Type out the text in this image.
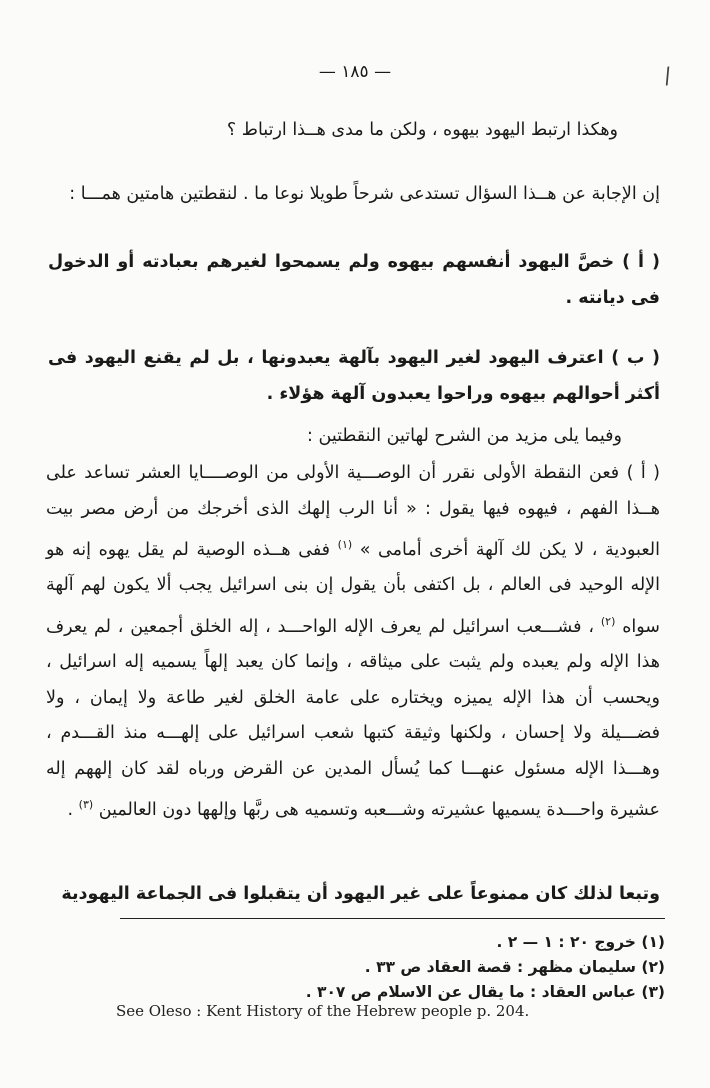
/
— ١٨٥ —
وهكذا ارتبط اليهود بيهوه ، ولكن ما مدى هــذا ارتباط ؟
إن الإجابة عن هــذا السؤال تستدعى شرحاً طويلا نوعا ما . لنقطتين هامتين همـــا :
( أ ) خصَّ اليهود أنفسهم بيهوه ولم يسمحوا لغيرهم بعبادته أو الدخول فى ديانته .
( ب ) اعترف اليهود لغير اليهود بآلهة يعبدونها ، بل لم يقنع اليهود فى أكثر أحوالهم بيهوه وراحوا يعبدون آلهة هؤلاء .
وفيما يلى مزيد من الشرح لهاتين النقطتين :
( أ ) فعن النقطة الأولى نقرر أن الوصـــية الأولى من الوصــــايا العشر تساعد على هــذا الفهم ، فيهوه فيها يقول : « أنا الرب إلهك الذى أخرجك من أرض مصر بيت العبودية ، لا يكن لك آلهة أخرى أمامى » $^{(١)}$ ففى هــذه الوصية لم يقل يهوه إنه هو الإله الوحيد فى العالم ، بل اكتفى بأن يقول إن بنى اسرائيل يجب ألا يكون لهم آلهة سواه $^{(٢)}$ ، فشـــعب اسرائيل لم يعرف الإله الواحـــد ، إله الخلق أجمعين ، لم يعرف هذا الإله ولم يعبده ولم يثبت على ميثاقه ، وإنما كان يعبد إلهاً يسميه إله اسرائيل ، ويحسب أن هذا الإله يميزه ويختاره على عامة الخلق لغير طاعة ولا إيمان ، ولا فضـــيلة ولا إحسان ، ولكنها وثيقة كتبها شعب اسرائيل على إلهـــه منذ القـــدم ، وهـــذا الإله مسئول عنهـــا كما يُسأل المدين عن القرض ورباه لقد كان إلههم إله عشيرة واحـــدة يسميها عشيرته وشـــعبه وتسميه هى ربَّها وإلهها دون العالمين $^{(٣)}$ .
وتبعا لذلك كان ممنوعاً على غير اليهود أن يتقبلوا فى الجماعة اليهودية
(١) خروج ٢٠ : ١ — ٢ .
(٢) سليمان مظهر : قصة العقاد ص ٣٣ .
(٣) عباس العقاد : ما يقال عن الاسلام ص ٣٠٧ .
See Oleso : Kent History of the Hebrew people p. 204.
